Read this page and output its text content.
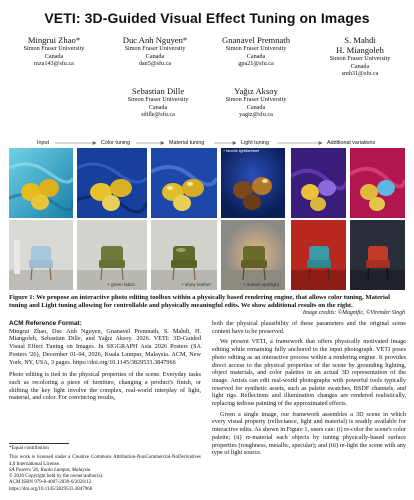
VETI: 3D-Guided Visual Effect Tuning on Images
Mingrui Zhao*
Simon Fraser University
Canada
mza143@sfu.ca
Duc Anh Nguyen*
Simon Fraser University
Canada
dan5@sfu.ca
Gnanavel Premnath
Simon Fraser University
Canada
gpa21@sfu.ca
S. Mahdi
H. Miangoleh
Simon Fraser University
Canada
smh31@sfu.ca
Sebastian Dille
Simon Fraser University
Canada
sdille@sfu.ca
Yağız Aksoy
Simon Fraser University
Canada
yagiz@sfu.ca
Input	Color tuning	Material tuning	Light tuning	Additional variations
+ favorite lightflaresset
+ green fabric	+ shiny leather	+ sunset spotlight
Figure 1: We propose an interactive photo editing toolbox within a physically based rendering engine, that allows color tuning, Material tuning and Light tuning allowing for controllable and physically meaningful edits. We show additional results on the right.
Image credits: ©Magnific, ©Virender Singh
ACM Reference Format:

Mingrui Zhao, Duc Anh Nguyen, Gnanavel Premnath, S. Mahdi, H. Miangoleh, Sebastian Dille, and Yağız Aksoy. 2026. VETI: 3D-Guided Visual Effect Tuning on Images. In SIGGRAPH Asia 2026 Posters (SA Posters '26), December 01-04, 2026, Kuala Lumpur, Malaysia. ACM, New York, NY, USA, 3 pages. https://doi.org/10.1145/3829533.3847966

Photo editing is tied to the physical properties of the scene. Everyday tasks such as recoloring a piece of furniture, changing a product's finish, or shifting the key light involve the complex, real-world interplay of light, material, and color. For convincing results,

*Equal contribution
This work is licensed under a Creative Commons Attribution-NonCommercial-NoDerivatives 4.0 International License.
SA Posters '26, Kuala Lumpur, Malaysia
© 2026 Copyright held by the owner/author(s).
ACM ISBN 979-8-4007-2039-6/2026/12
https://doi.org/10.1145/3829533.3847966

both the physical plausibility of these parameters and the original scene content have to be preserved.

We present VETI, a framework that offers physically motivated image editing while remaining fully anchored to the input photograph. VETI poses photo editing as an interactive process within a rendering engine. It provides direct access to the physical properties of the scene by grounding lighting, object materials, and color palettes in an actual 3D representation of the image. Artists can edit real-world photographs with powerful tools typically reserved for synthetic assets, such as palette swatches, BSDF channels, and light rigs. Reflections and illumination changes are rendered realistically, replacing tedious painting of the approximated effects.

Given a single image, our framework assembles a 3D scene in which every visual property (reflectance, light and material) is readily available for interactive edits. As shown in Figure 1, users can: (i) re-color the scene's color palette; (ii) re-material each objects by tuning physically-based surface properties (roughness, metallic, specular); and (iii) re-light the scene with any type of light source.
